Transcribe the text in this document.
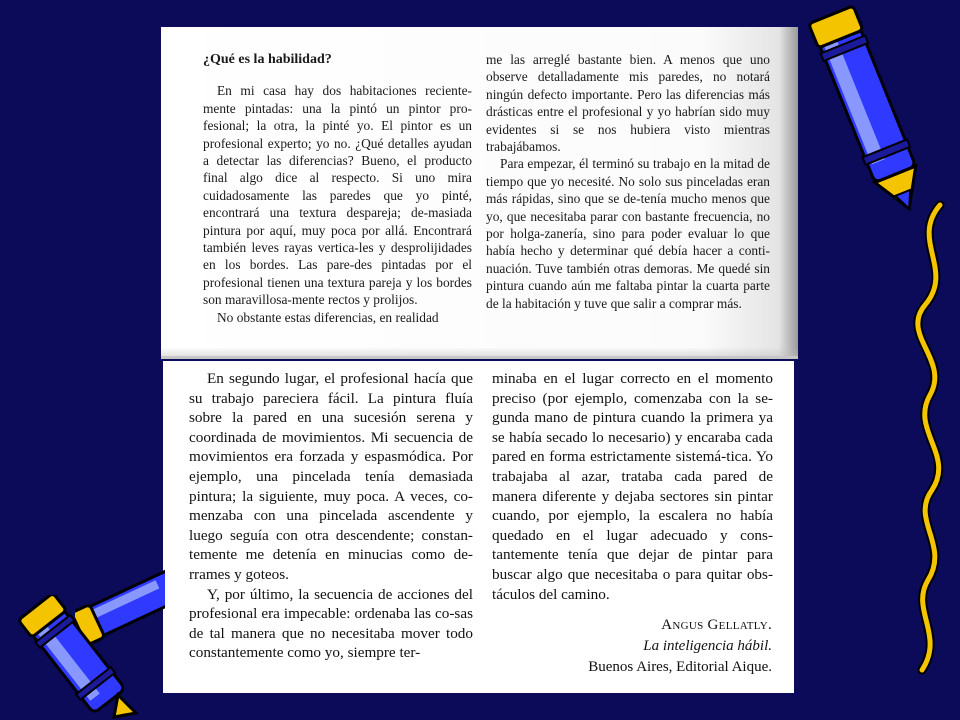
¿Qué es la habilidad?

En mi casa hay dos habitaciones reciente-mente pintadas: una la pintó un pintor pro-fesional; la otra, la pinté yo. El pintor es un profesional experto; yo no. ¿Qué detalles ayudan a detectar las diferencias? Bueno, el producto final algo dice al respecto. Si uno mira cuidadosamente las paredes que yo pinté, encontrará una textura despareja; de-masiada pintura por aquí, muy poca por allá. Encontrará también leves rayas vertica-les y desprolijidades en los bordes. Las pare-des pintadas por el profesional tienen una textura pareja y los bordes son maravillosa-mente rectos y prolijos.

No obstante estas diferencias, en realidad

me las arreglé bastante bien. A menos que uno observe detalladamente mis paredes, no notará ningún defecto importante. Pero las diferencias más drásticas entre el profesional y yo habrían sido muy evidentes si se nos hubiera visto mientras trabajábamos.

Para empezar, él terminó su trabajo en la mitad de tiempo que yo necesité. No solo sus pinceladas eran más rápidas, sino que se de-tenía mucho menos que yo, que necesitaba parar con bastante frecuencia, no por holga-zanería, sino para poder evaluar lo que había hecho y determinar qué debía hacer a conti-nuación. Tuve también otras demoras. Me quedé sin pintura cuando aún me faltaba pintar la cuarta parte de la habitación y tuve que salir a comprar más.

En segundo lugar, el profesional hacía que su trabajo pareciera fácil. La pintura fluía sobre la pared en una sucesión serena y coordinada de movimientos. Mi secuencia de movimientos era forzada y espasmódica. Por ejemplo, una pincelada tenía demasiada pintura; la siguiente, muy poca. A veces, co-menzaba con una pincelada ascendente y luego seguía con otra descendente; constan-temente me detenía en minucias como de-rrames y goteos.

Y, por último, la secuencia de acciones del profesional era impecable: ordenaba las co-sas de tal manera que no necesitaba mover todo constantemente como yo, siempre ter-

minaba en el lugar correcto en el momento preciso (por ejemplo, comenzaba con la se-gunda mano de pintura cuando la primera ya se había secado lo necesario) y encaraba cada pared en forma estrictamente sistemá-tica. Yo trabajaba al azar, trataba cada pared de manera diferente y dejaba sectores sin pintar cuando, por ejemplo, la escalera no había quedado en el lugar adecuado y cons-tantemente tenía que dejar de pintar para buscar algo que necesitaba o para quitar obs-táculos del camino.

Angus Gellatly.
La inteligencia hábil.
Buenos Aires, Editorial Aique.
